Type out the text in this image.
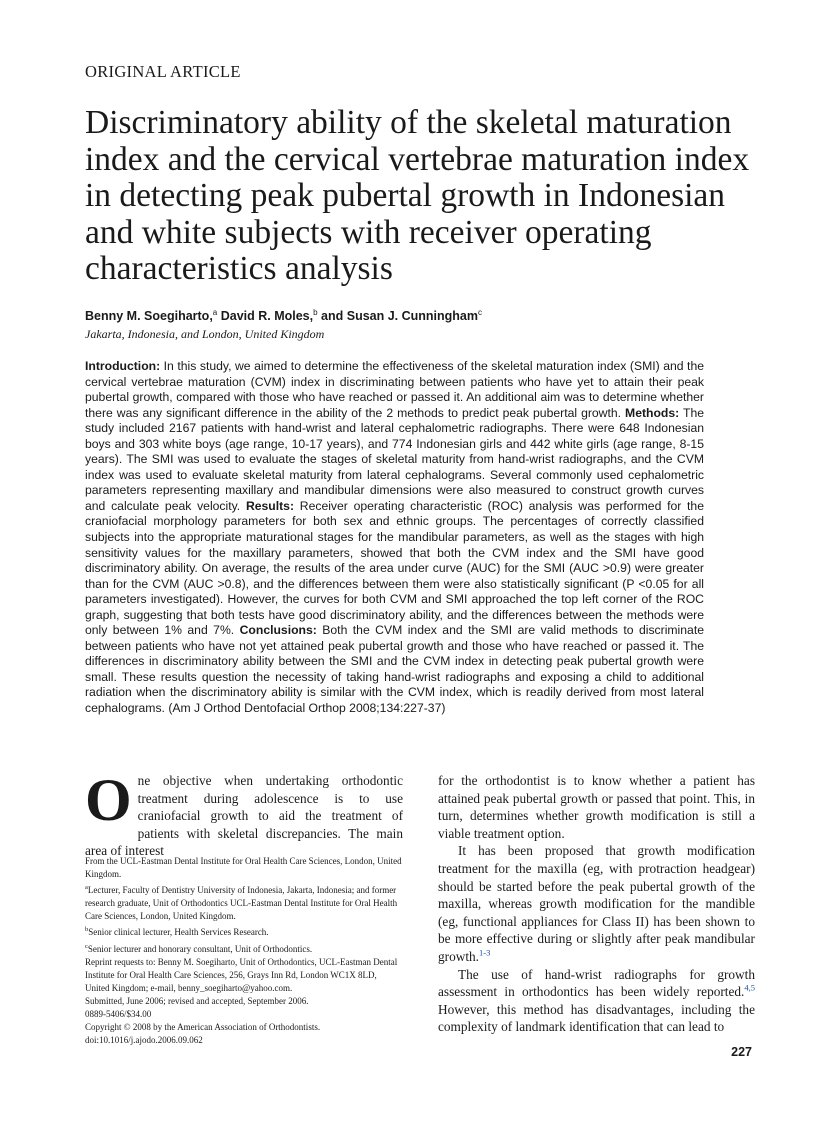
ORIGINAL ARTICLE
Discriminatory ability of the skeletal maturation index and the cervical vertebrae maturation index in detecting peak pubertal growth in Indonesian and white subjects with receiver operating characteristics analysis
Benny M. Soegiharto,$^a$ David R. Moles,$^b$ and Susan J. Cunningham$^c$
Jakarta, Indonesia, and London, United Kingdom

Introduction: In this study, we aimed to determine the effectiveness of the skeletal maturation index (SMI) and the cervical vertebrae maturation (CVM) index in discriminating between patients who have yet to attain their peak pubertal growth, compared with those who have reached or passed it. An additional aim was to determine whether there was any significant difference in the ability of the 2 methods to predict peak pubertal growth. Methods: The study included 2167 patients with hand-wrist and lateral cephalometric radiographs. There were 648 Indonesian boys and 303 white boys (age range, 10-17 years), and 774 Indonesian girls and 442 white girls (age range, 8-15 years). The SMI was used to evaluate the stages of skeletal maturity from hand-wrist radiographs, and the CVM index was used to evaluate skeletal maturity from lateral cephalograms. Several commonly used cephalometric parameters representing maxillary and mandibular dimensions were also measured to construct growth curves and calculate peak velocity. Results: Receiver operating characteristic (ROC) analysis was performed for the craniofacial morphology parameters for both sex and ethnic groups. The percentages of correctly classified subjects into the appropriate maturational stages for the mandibular parameters, as well as the stages with high sensitivity values for the maxillary parameters, showed that both the CVM index and the SMI have good discriminatory ability. On average, the results of the area under curve (AUC) for the SMI (AUC >0.9) were greater than for the CVM (AUC >0.8), and the differences between them were also statistically significant (P <0.05 for all parameters investigated). However, the curves for both CVM and SMI approached the top left corner of the ROC graph, suggesting that both tests have good discriminatory ability, and the differences between the methods were only between 1% and 7%. Conclusions: Both the CVM index and the SMI are valid methods to discriminate between patients who have not yet attained peak pubertal growth and those who have reached or passed it. The differences in discriminatory ability between the SMI and the CVM index in detecting peak pubertal growth were small. These results question the necessity of taking hand-wrist radiographs and exposing a child to additional radiation when the discriminatory ability is similar with the CVM index, which is readily derived from most lateral cephalograms. (Am J Orthod Dentofacial Orthop 2008;134:227-37)

One objective when undertaking orthodontic treatment during adolescence is to use craniofacial growth to aid the treatment of patients with skeletal discrepancies. The main area of interest

From the UCL-Eastman Dental Institute for Oral Health Care Sciences, London, United Kingdom.

$^a$Lecturer, Faculty of Dentistry University of Indonesia, Jakarta, Indonesia; and former research graduate, Unit of Orthodontics UCL-Eastman Dental Institute for Oral Health Care Sciences, London, United Kingdom.

$^b$Senior clinical lecturer, Health Services Research.

$^c$Senior lecturer and honorary consultant, Unit of Orthodontics.

Reprint requests to: Benny M. Soegiharto, Unit of Orthodontics, UCL-Eastman Dental Institute for Oral Health Care Sciences, 256, Grays Inn Rd, London WC1X 8LD, United Kingdom; e-mail, benny_soegiharto@yahoo.com.

Submitted, June 2006; revised and accepted, September 2006.

0889-5406/$34.00

Copyright © 2008 by the American Association of Orthodontists.

doi:10.1016/j.ajodo.2006.09.062

for the orthodontist is to know whether a patient has attained peak pubertal growth or passed that point. This, in turn, determines whether growth modification is still a viable treatment option.

It has been proposed that growth modification treatment for the maxilla (eg, with protraction headgear) should be started before the peak pubertal growth of the maxilla, whereas growth modification for the mandible (eg, functional appliances for Class II) has been shown to be more effective during or slightly after peak mandibular growth.$^{1-3}$

The use of hand-wrist radiographs for growth assessment in orthodontics has been widely reported.$^{4,5}$ However, this method has disadvantages, including the complexity of landmark identification that can lead to

227
